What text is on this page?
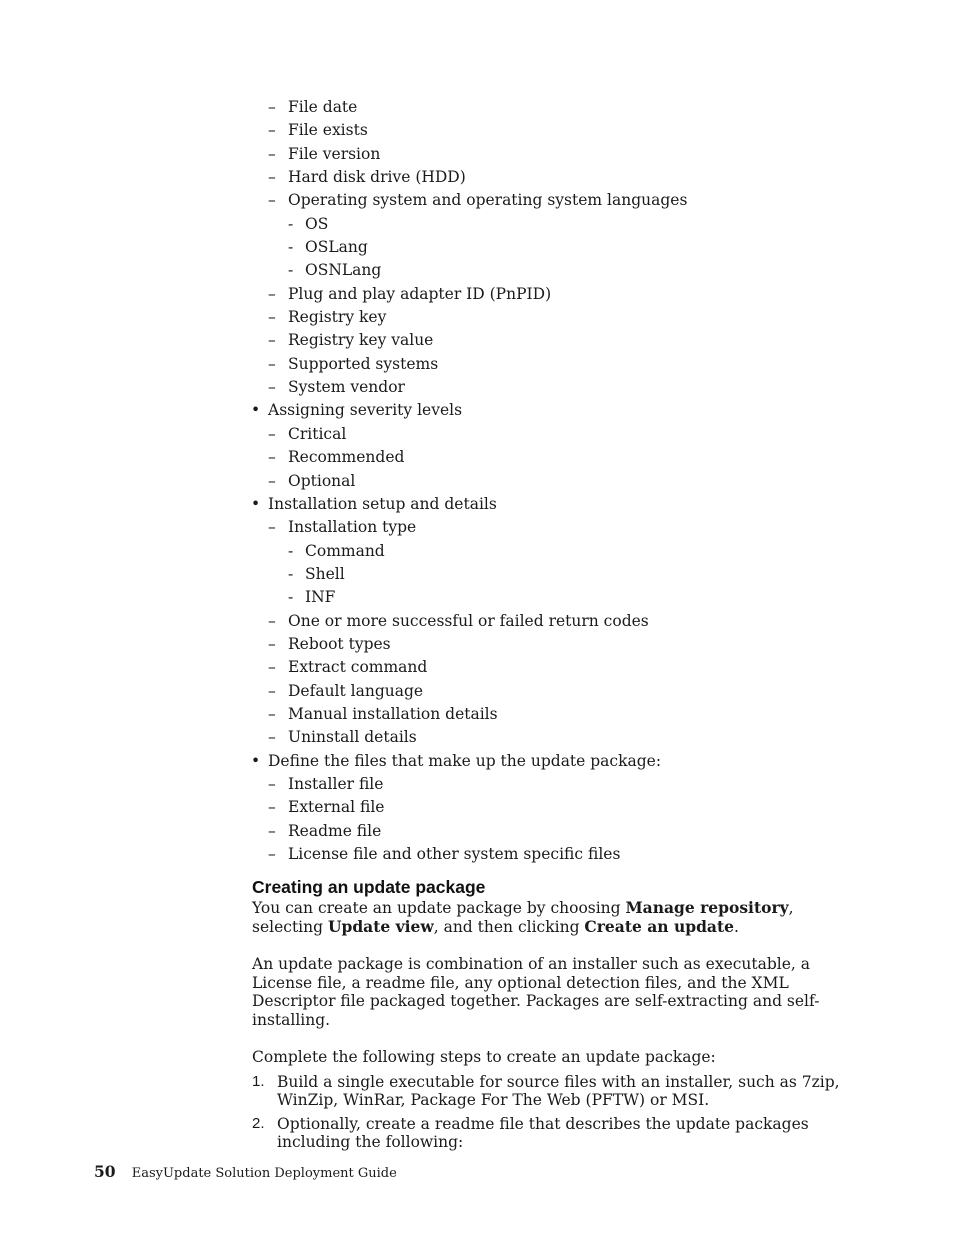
– File date
– File exists
– File version
– Hard disk drive (HDD)
– Operating system and operating system languages
- OS
- OSLang
- OSNLang
– Plug and play adapter ID (PnPID)
– Registry key
– Registry key value
– Supported systems
– System vendor
• Assigning severity levels
– Critical
– Recommended
– Optional
• Installation setup and details
– Installation type
- Command
- Shell
- INF
– One or more successful or failed return codes
– Reboot types
– Extract command
– Default language
– Manual installation details
– Uninstall details
• Define the files that make up the update package:
– Installer file
– External file
– Readme file
– License file and other system specific files
Creating an update package

You can create an update package by choosing Manage repository, selecting Update view, and then clicking Create an update.

An update package is combination of an installer such as executable, a License file, a readme file, any optional detection files, and the XML Descriptor file packaged together. Packages are self-extracting and self-installing.

Complete the following steps to create an update package:

1. Build a single executable for source files with an installer, such as 7zip, WinZip, WinRar, Package For The Web (PFTW) or MSI.
2. Optionally, create a readme file that describes the update packages including the following:
50 EasyUpdate Solution Deployment Guide
